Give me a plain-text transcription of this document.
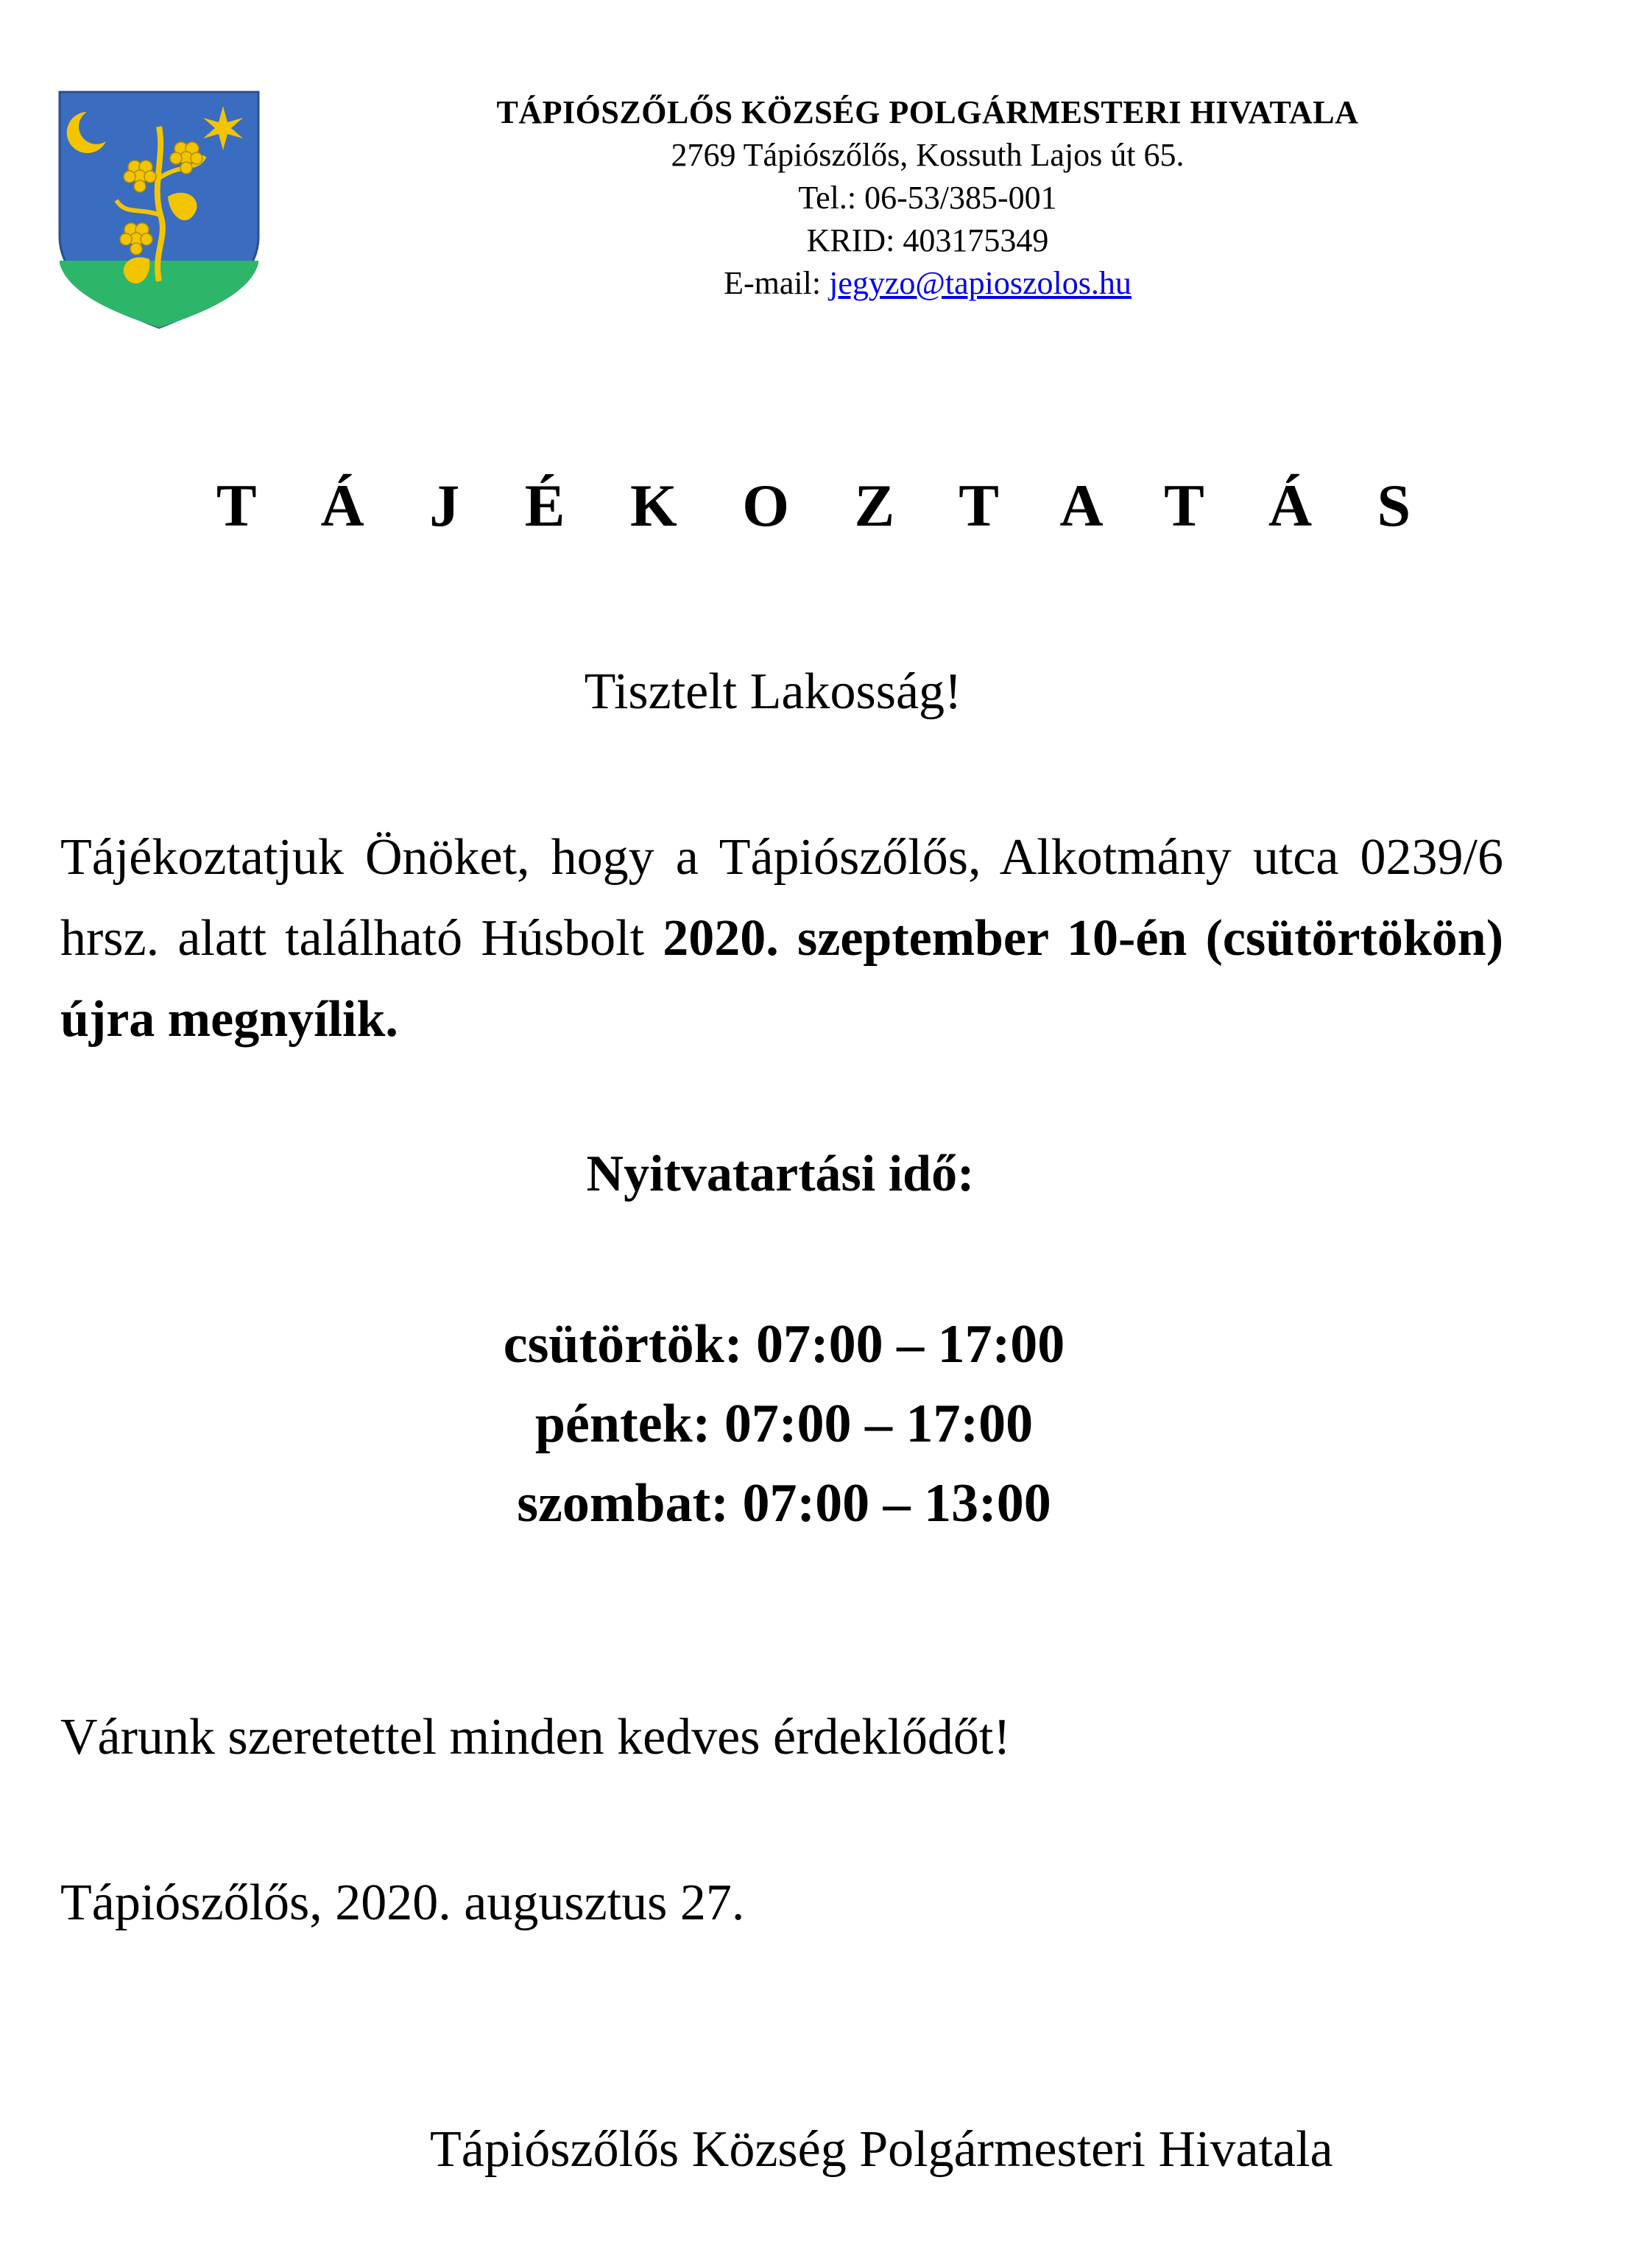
TÁPIÓSZŐLŐS KÖZSÉG POLGÁRMESTERI HIVATALA
2769 Tápiószőlős, Kossuth Lajos út 65.
Tel.: 06-53/385-001
KRID: 403175349
E-mail: jegyzo@tapioszolos.hu
T Á J É K O Z T A T Á S
Tisztelt Lakosság!
Tájékoztatjuk Önöket, hogy a Tápiószőlős, Alkotmány utca 0239/6 hrsz. alatt található Húsbolt 2020. szeptember 10-én (csütörtökön) újra megnyílik.
Nyitvatartási idő:
csütörtök: 07:00 – 17:00
péntek: 07:00 – 17:00
szombat: 07:00 – 13:00
Várunk szeretettel minden kedves érdeklődőt!
Tápiószőlős, 2020. augusztus 27.
Tápiószőlős Község Polgármesteri Hivatala
